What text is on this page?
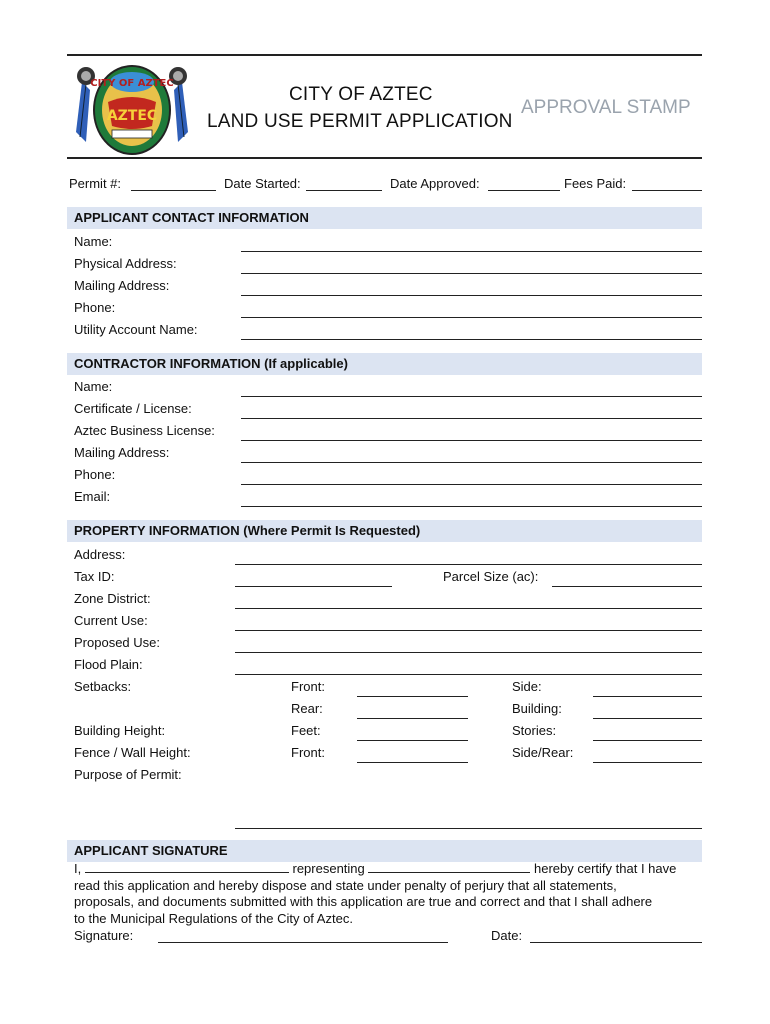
CITY OF AZTEC
AZTEC
CITY OF AZTEC
LAND USE PERMIT APPLICATION
APPROVAL STAMP
Permit #:	Date Started:	Date Approved:	Fees Paid:
APPLICANT CONTACT INFORMATION
Name:
Physical Address:
Mailing Address:
Phone:
Utility Account Name:
CONTRACTOR INFORMATION (If applicable)
Name:
Certificate / License:
Aztec Business License:
Mailing Address:
Phone:
Email:
PROPERTY INFORMATION (Where Permit Is Requested)
Address:
Tax ID:	Parcel Size (ac):
Zone District:
Current Use:
Proposed Use:
Flood Plain:
Setbacks:	Front:	Side:
Rear:	Building:
Building Height:	Feet:	Stories:
Fence / Wall Height:	Front:	Side/Rear:
Purpose of Permit:
APPLICANT SIGNATURE
I,	representing	hereby certify that I have
read this application and hereby dispose and state under penalty of perjury that all statements,
proposals, and documents submitted with this application are true and correct and that I shall adhere
to the Municipal Regulations of the City of Aztec.
Signature:	Date:
